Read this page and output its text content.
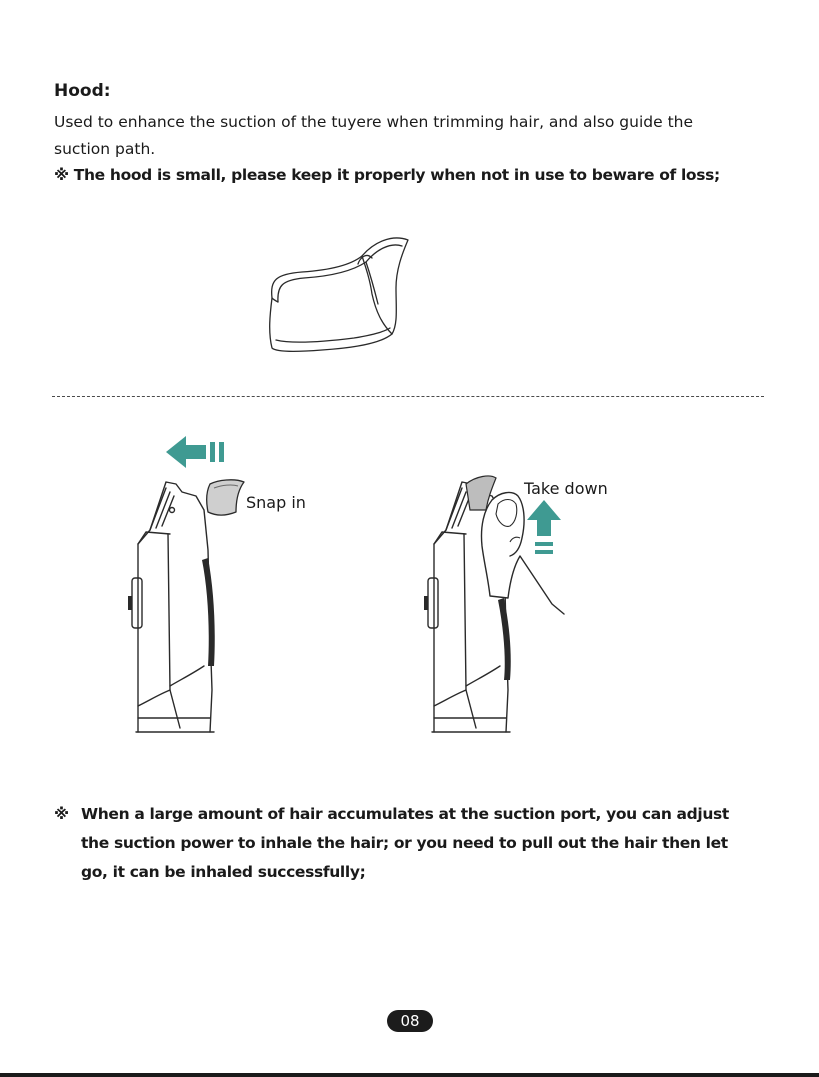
Hood:

Used to enhance the suction of the tuyere when trimming hair, and also guide the suction path.

※ The hood is small, please keep it properly when not in use to beware of loss;

Snap in

Take down

※ When a large amount of hair accumulates at the suction port, you can adjust the suction power to inhale the hair; or you need to pull out the hair then let go, it can be inhaled successfully;
08
